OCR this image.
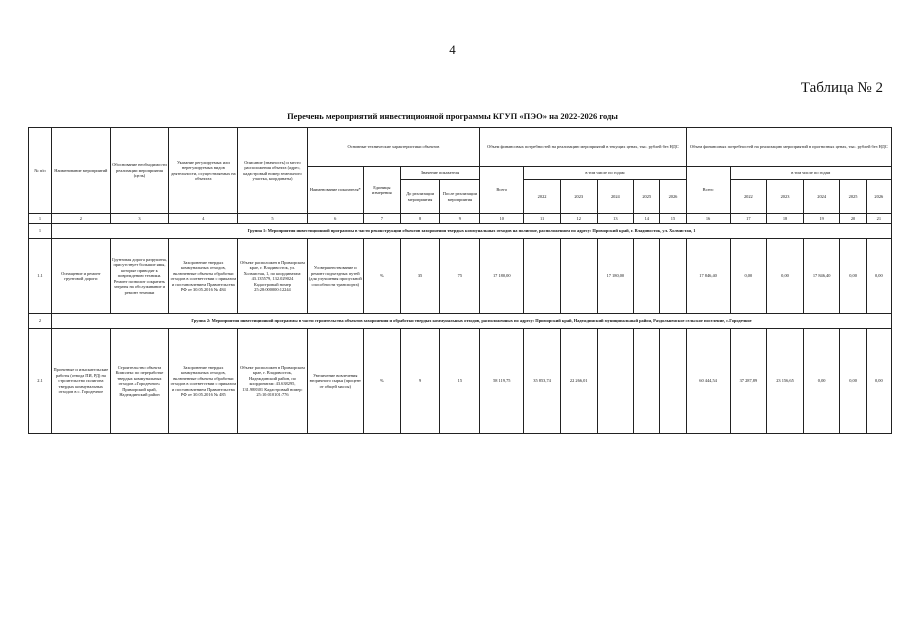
4
Таблица № 2
Перечень мероприятий инвестиционной программы КГУП «ПЭО» на 2022-2026 годы
№ п/п	Наименование мероприятий	Обоснование необходимости реализации мероприятия (цель)	Указание регулируемых или нерегулируемых видов деятельности, осуществляемых на объектах	Описание (значность) и место расположения объекта (адрес, кадастровый номер земельного участка, координаты)	Основные технические характеристики объектов				Объем финансовых потребностей на реализацию мероприятий в текущих ценах, тыс. рублей без НДС						Объем финансовых потребностей на реализацию мероприятий в прогнозных ценах, тыс. рублей без НДС					
					Наименование показателя*	Единицы измерения	Значение показателя		Всего	в том числе по годам					Всего	в том числе по годам				
							До реализации мероприятия	После реализации мероприятия		2022	2023	2024	2025	2026		2022	2023	2024	2025	2026
1	2	3	4	5	6	7	8	9	10	11	12	13	14	15	16	17	18	19	20	21
1	Группа 1: Мероприятия инвестиционной программы в части реконструкции объектов захоронения твердых коммунальных отходов на полигоне, расположенном по адресу: Приморский край, г. Владивосток, ул. Холмистая, 1																			
1.1	Оснащение и ремонт грунтовой дороги	Грунтовая дорога разрушена, присутствует большие ямы, которые приводят к повреждению техники. Ремонт позволит сократить затраты на обслуживание и ремонт техники	Захоронение твердых коммунальных отходов, включенные объекты обработки отходов в соответствии с приказом и постановлением Правительства РФ от 30.05.2016 № 484	Объект расположен в Приморском крае, г. Владивосток, ул. Холмистая, 1, по координатам: 43.135579, 132.029024 Кадастровый номер 25:28:000000:12244	Усовершенствование и ремонт подъездных путей (для улучшения пропускной способности транспорта)	%	35	75	17 180,00			17 180,00			17 846,40	0,00	0,00	17 846,40	0,00	0,00
2	Группа 2: Мероприятия инвестиционной программы в части строительства объектов захоронения и обработки твердых коммунальных отходов, расположенных по адресу: Приморский край, Надеждинский муниципальный район, Раздольненское сельское поселение, с.Городечное																			
2.1	Проектные и изыскательские работы (отвода ПИ, РД) на строительство полигона твердых коммунальных отходов в с. Городечное	Строительство объекта Комплекс по переработке твердых коммунальных отходов «Городечное» Приморский край, Надеждинский район	Захоронение твердых коммунальных отходов, включенные объекты обработки отходов в соответствии с приказом и постановлением Правительства РФ от 30.05.2016 № 485	Объект расположен в Приморском крае, г. Владивосток, Надеждинский район, по координатам: 43.638295, 131.988301 Кадастровый номер: 25:10:010101:776	Увеличение вовлечения вторичного сырья (процент от общей массы)	%	9	15	58 119,75	35 853,74	22 266,01				60 444,54	37 287,89	23 156,65	0,00	0,00	0,00
